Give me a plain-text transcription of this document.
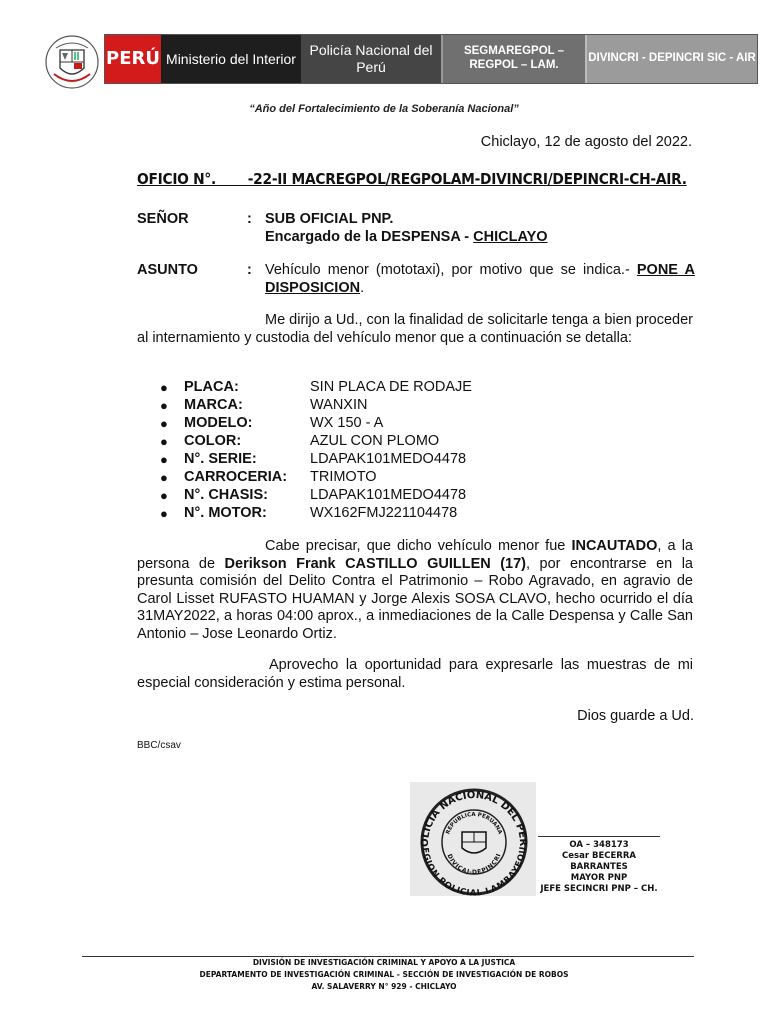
PERÚ Ministerio del Interior
Policía Nacional del Perú
SEGMAREGPOL – REGPOL – LAM.
DIVINCRI - DEPINCRI SIC - AIR
“Año del Fortalecimiento de la Soberanía Nacional”
Chiclayo, 12 de agosto del 2022.
OFICIO N°.       -22-II MACREGPOL/REGPOLAM-DIVINCRI/DEPINCRI-CH-AIR.
SEÑOR	: SUB OFICIAL PNP.
Encargado de la DESPENSA - CHICLAYO
ASUNTO	: Vehículo menor (mototaxi), por motivo que se indica.- PONE A DISPOSICION.
Me dirijo a Ud., con la finalidad de solicitarle tenga a bien proceder al internamiento y custodia del vehículo menor que a continuación se detalla:
●	PLACA:	SIN PLACA DE RODAJE
●	MARCA:	WANXIN
●	MODELO:	WX 150 - A
●	COLOR:	AZUL CON PLOMO
●	N°. SERIE:	LDAPAK101MEDO4478
●	CARROCERIA:	TRIMOTO
●	N°. CHASIS:	LDAPAK101MEDO4478
●	N°. MOTOR:	WX162FMJ221104478
Cabe precisar, que dicho vehículo menor fue INCAUTADO, a la persona de Derikson Frank CASTILLO GUILLEN (17), por encontrarse en la presunta comisión del Delito Contra el Patrimonio – Robo Agravado, en agravio de Carol Lisset RUFASTO HUAMAN y Jorge Alexis SOSA CLAVO, hecho ocurrido el día 31MAY2022, a horas 04:00 aprox., a inmediaciones de la Calle Despensa y Calle San Antonio – Jose Leonardo Ortiz.
Aprovecho la oportunidad para expresarle las muestras de mi especial consideración y estima personal.
Dios guarde a Ud.
BBC/csav
OLICIA NACIONAL DEL PER
EGION POLICIAL LAMBAYEQU
REPUBLICA PERUANA
DIVICAJ-DEPINCRI
OA – 348173
Cesar BECERRA BARRANTES
MAYOR PNP
JEFE SECINCRI PNP – CH.
DIVISIÓN DE INVESTIGACIÓN CRIMINAL Y APOYO A LA JUSTICA
DEPARTAMENTO DE INVESTIGACIÓN CRIMINAL - SECCIÓN DE INVESTIGACIÓN DE ROBOS
AV. SALAVERRY N° 929 - CHICLAYO
